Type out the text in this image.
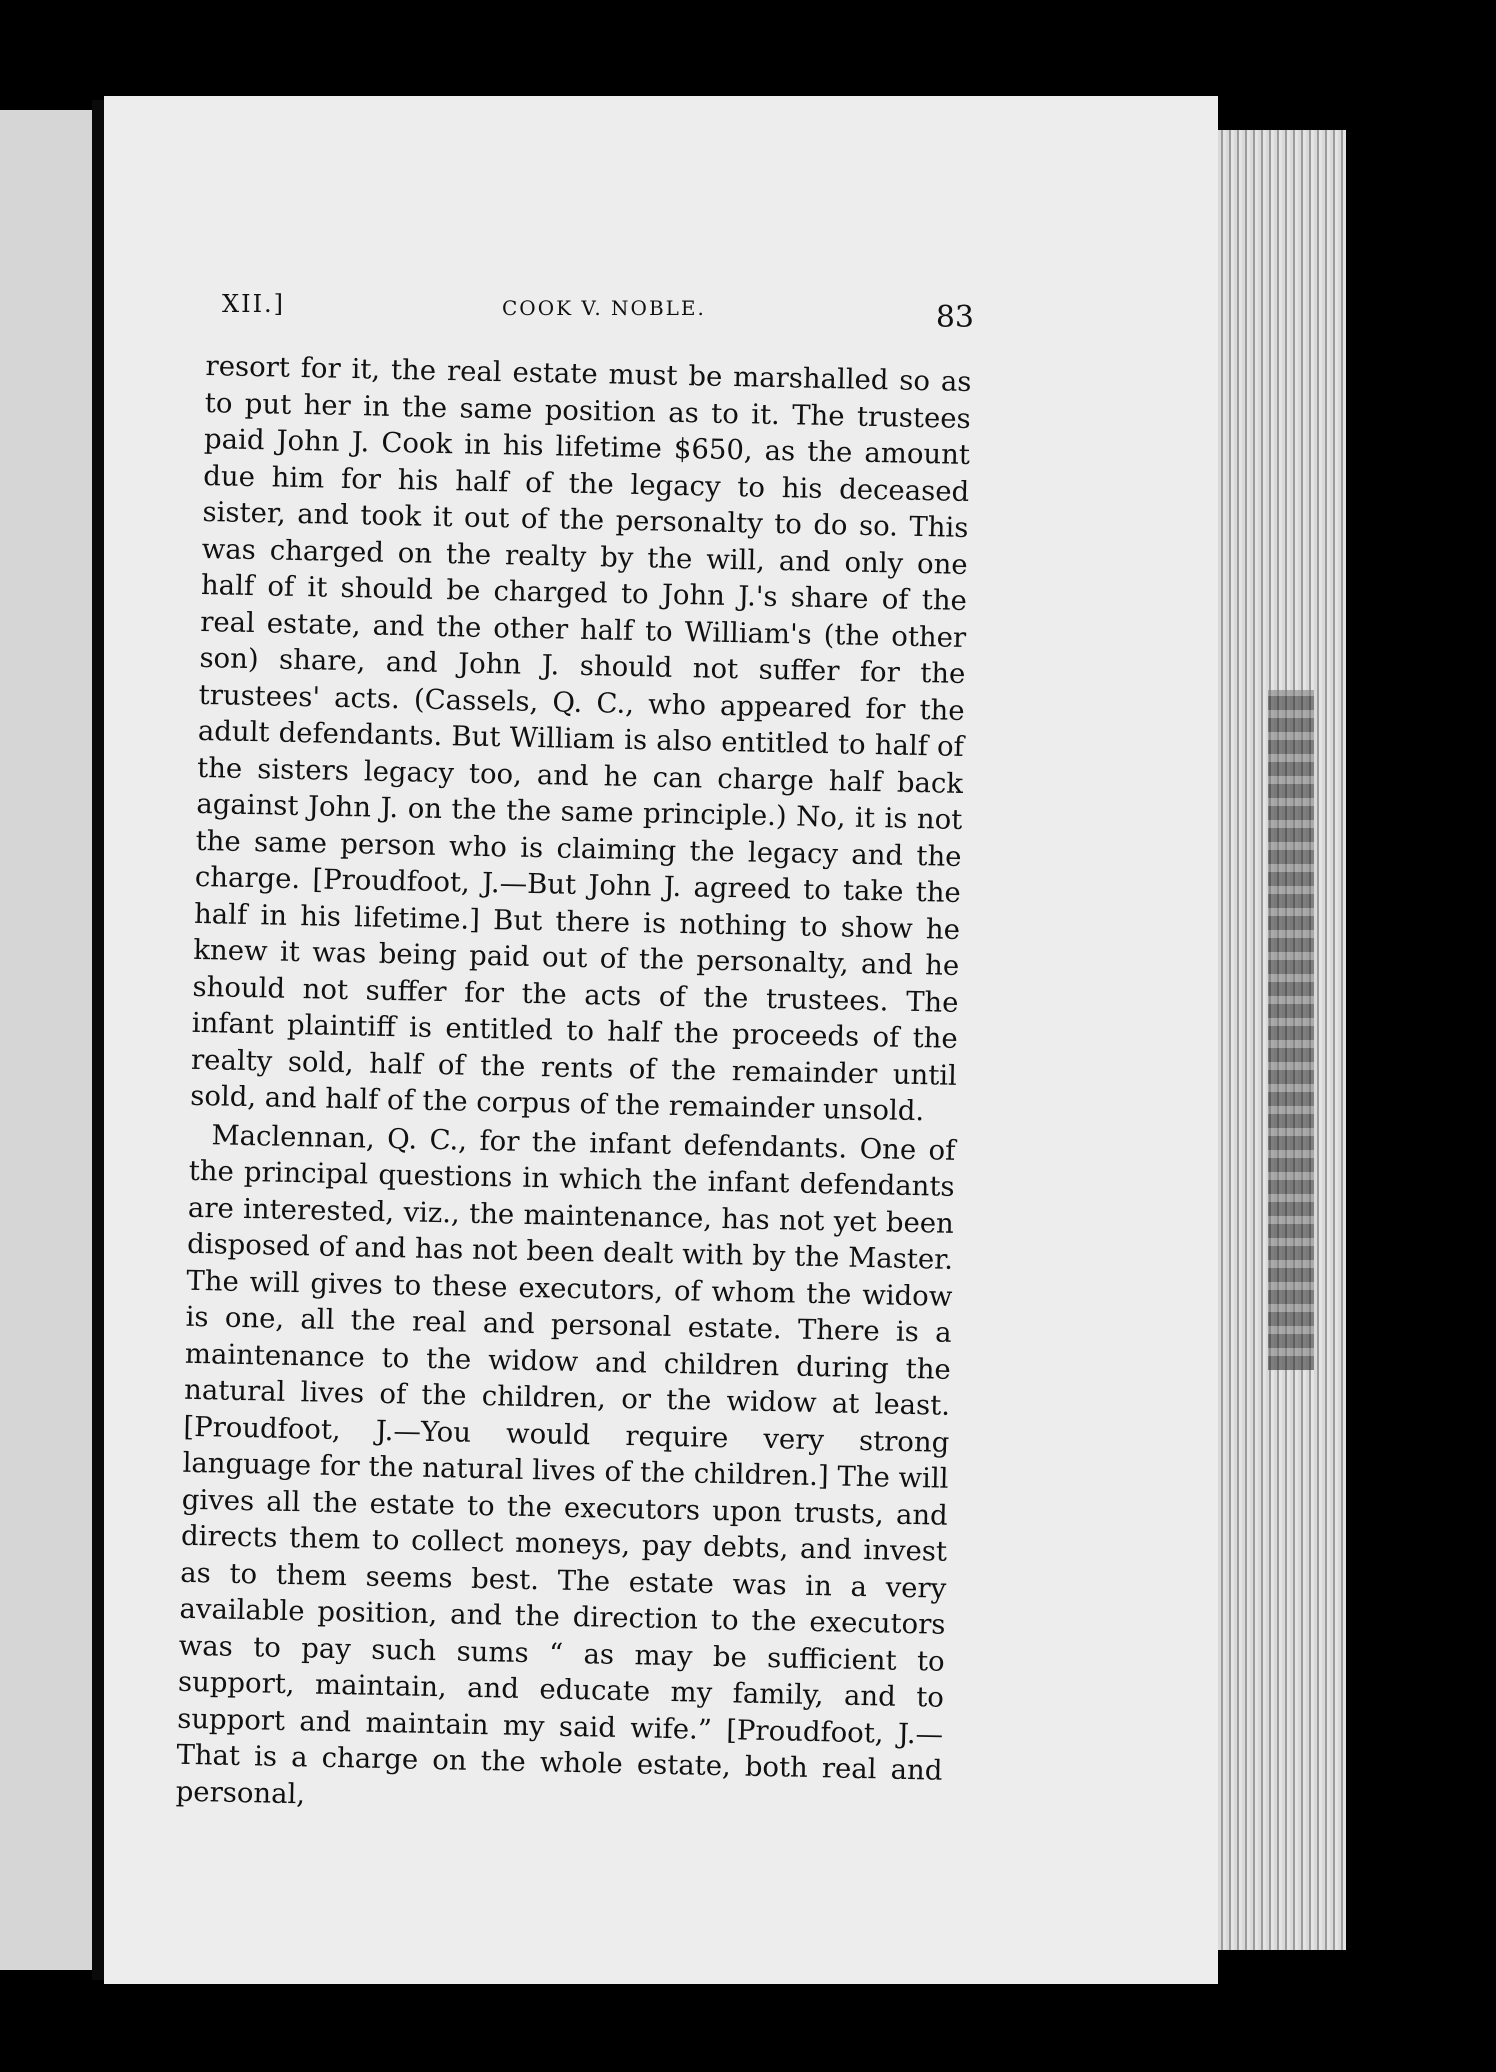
XII.]	COOK V. NOBLE.	83

resort for it, the real estate must be marshalled so as to put her in the same position as to it. The trustees paid John J. Cook in his lifetime $650, as the amount due him for his half of the legacy to his deceased sister, and took it out of the personalty to do so. This was charged on the realty by the will, and only one half of it should be charged to John J.'s share of the real estate, and the other half to William's (the other son) share, and John J. should not suffer for the trustees' acts. (Cassels, Q. C., who appeared for the adult defendants. But William is also entitled to half of the sisters legacy too, and he can charge half back against John J. on the the same principle.) No, it is not the same person who is claiming the legacy and the charge. [Proudfoot, J.—But John J. agreed to take the half in his lifetime.] But there is nothing to show he knew it was being paid out of the personalty, and he should not suffer for the acts of the trustees. The infant plaintiff is entitled to half the proceeds of the realty sold, half of the rents of the remainder until sold, and half of the corpus of the remainder unsold.

Maclennan, Q. C., for the infant defendants. One of the principal questions in which the infant defendants are interested, viz., the maintenance, has not yet been disposed of and has not been dealt with by the Master. The will gives to these executors, of whom the widow is one, all the real and personal estate. There is a maintenance to the widow and children during the natural lives of the children, or the widow at least. [Proudfoot, J.—You would require very strong language for the natural lives of the children.] The will gives all the estate to the executors upon trusts, and directs them to collect moneys, pay debts, and invest as to them seems best. The estate was in a very available position, and the direction to the executors was to pay such sums “ as may be sufficient to support, maintain, and educate my family, and to support and maintain my said wife.” [Proudfoot, J.—That is a charge on the whole estate, both real and personal,
